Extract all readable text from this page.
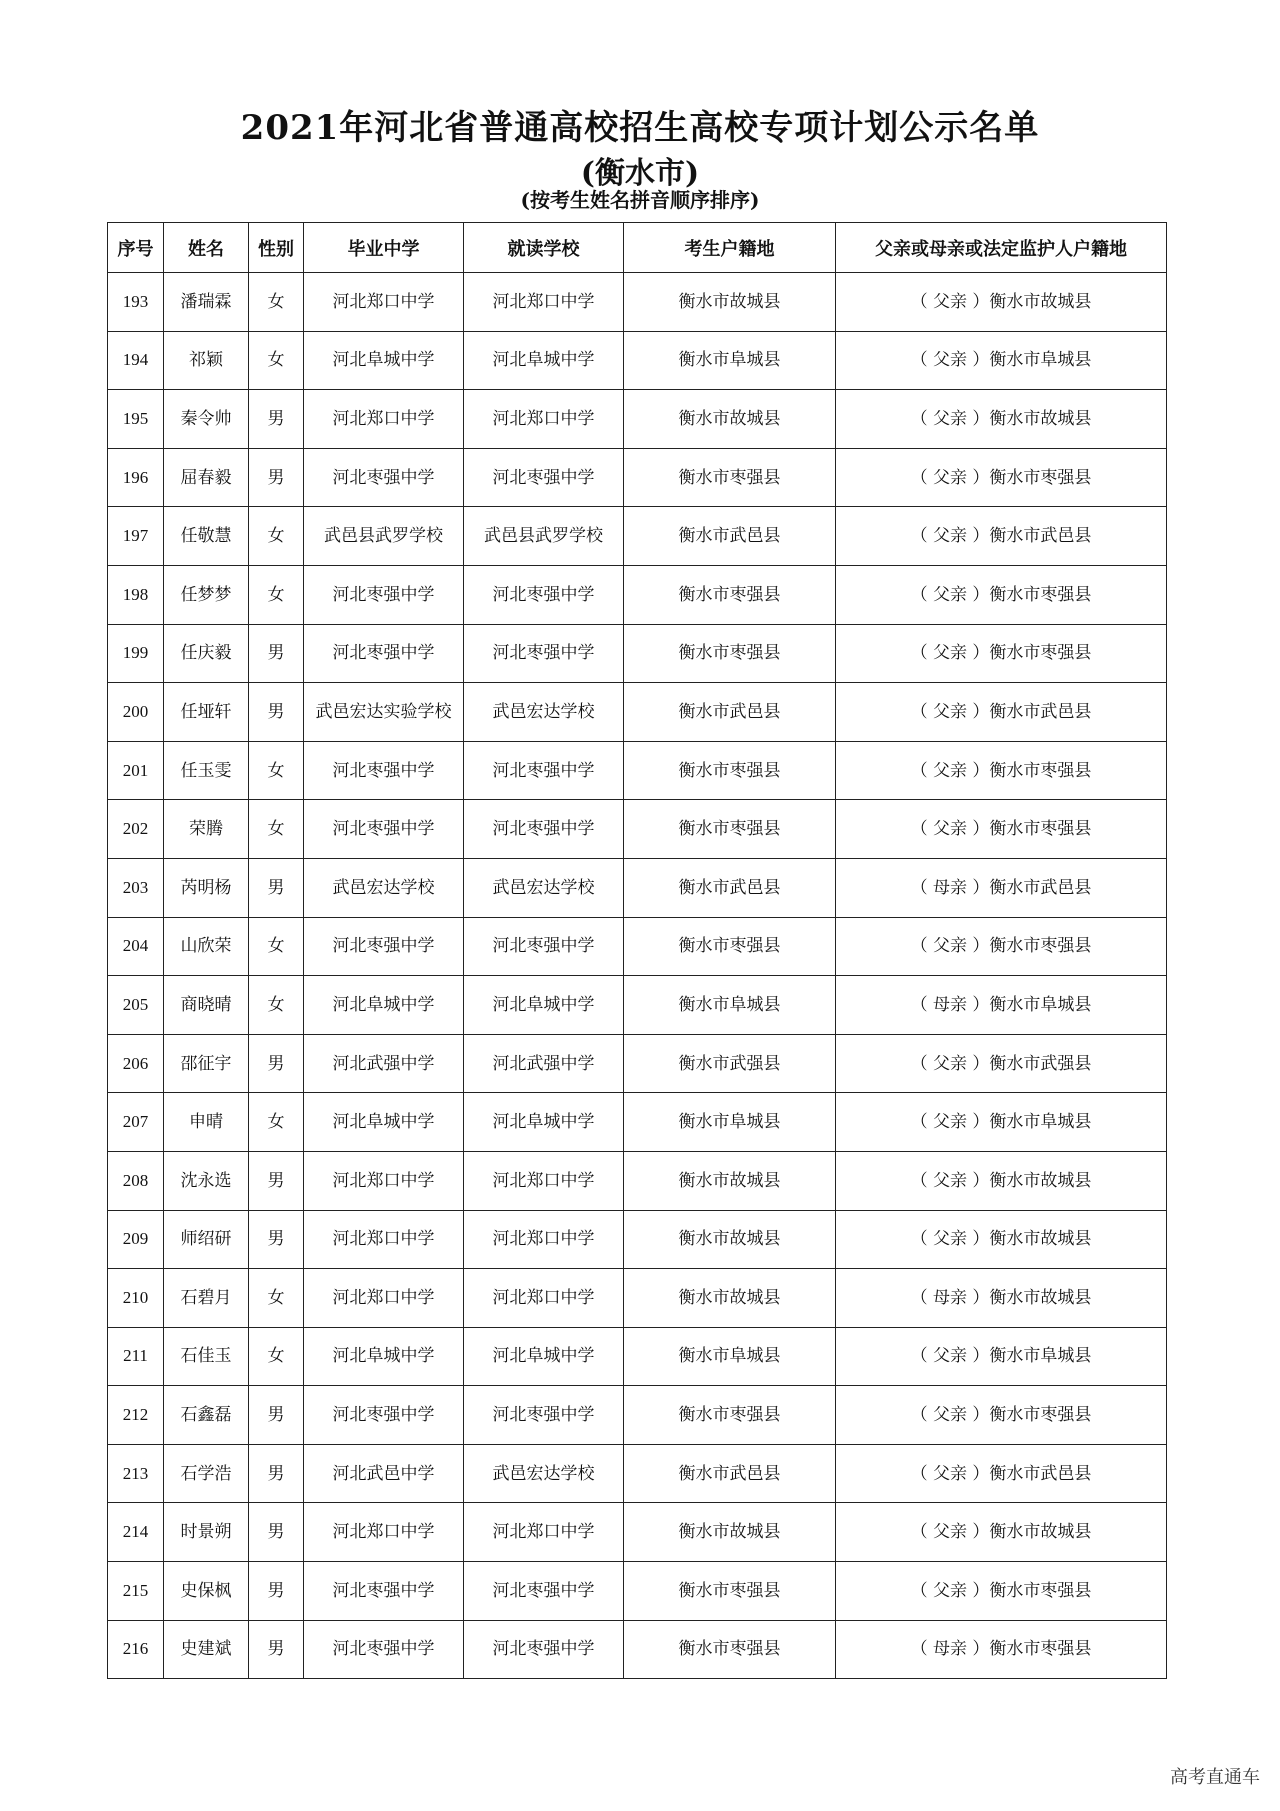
2021年河北省普通高校招生高校专项计划公示名单
(衡水市)
(按考生姓名拼音顺序排序)
序号	姓名	性别	毕业中学	就读学校	考生户籍地	父亲或母亲或法定监护人户籍地
193	潘瑞霖	女	河北郑口中学	河北郑口中学	衡水市故城县	（ 父亲 ）衡水市故城县
194	祁颖	女	河北阜城中学	河北阜城中学	衡水市阜城县	（ 父亲 ）衡水市阜城县
195	秦令帅	男	河北郑口中学	河北郑口中学	衡水市故城县	（ 父亲 ）衡水市故城县
196	屈春毅	男	河北枣强中学	河北枣强中学	衡水市枣强县	（ 父亲 ）衡水市枣强县
197	任敬慧	女	武邑县武罗学校	武邑县武罗学校	衡水市武邑县	（ 父亲 ）衡水市武邑县
198	任梦梦	女	河北枣强中学	河北枣强中学	衡水市枣强县	（ 父亲 ）衡水市枣强县
199	任庆毅	男	河北枣强中学	河北枣强中学	衡水市枣强县	（ 父亲 ）衡水市枣强县
200	任垭轩	男	武邑宏达实验学校	武邑宏达学校	衡水市武邑县	（ 父亲 ）衡水市武邑县
201	任玉雯	女	河北枣强中学	河北枣强中学	衡水市枣强县	（ 父亲 ）衡水市枣强县
202	荣腾	女	河北枣强中学	河北枣强中学	衡水市枣强县	（ 父亲 ）衡水市枣强县
203	芮明杨	男	武邑宏达学校	武邑宏达学校	衡水市武邑县	（ 母亲 ）衡水市武邑县
204	山欣荣	女	河北枣强中学	河北枣强中学	衡水市枣强县	（ 父亲 ）衡水市枣强县
205	商晓晴	女	河北阜城中学	河北阜城中学	衡水市阜城县	（ 母亲 ）衡水市阜城县
206	邵征宇	男	河北武强中学	河北武强中学	衡水市武强县	（ 父亲 ）衡水市武强县
207	申晴	女	河北阜城中学	河北阜城中学	衡水市阜城县	（ 父亲 ）衡水市阜城县
208	沈永选	男	河北郑口中学	河北郑口中学	衡水市故城县	（ 父亲 ）衡水市故城县
209	师绍研	男	河北郑口中学	河北郑口中学	衡水市故城县	（ 父亲 ）衡水市故城县
210	石碧月	女	河北郑口中学	河北郑口中学	衡水市故城县	（ 母亲 ）衡水市故城县
211	石佳玉	女	河北阜城中学	河北阜城中学	衡水市阜城县	（ 父亲 ）衡水市阜城县
212	石鑫磊	男	河北枣强中学	河北枣强中学	衡水市枣强县	（ 父亲 ）衡水市枣强县
213	石学浩	男	河北武邑中学	武邑宏达学校	衡水市武邑县	（ 父亲 ）衡水市武邑县
214	时景朔	男	河北郑口中学	河北郑口中学	衡水市故城县	（ 父亲 ）衡水市故城县
215	史保枫	男	河北枣强中学	河北枣强中学	衡水市枣强县	（ 父亲 ）衡水市枣强县
216	史建斌	男	河北枣强中学	河北枣强中学	衡水市枣强县	（ 母亲 ）衡水市枣强县
高考直通车
